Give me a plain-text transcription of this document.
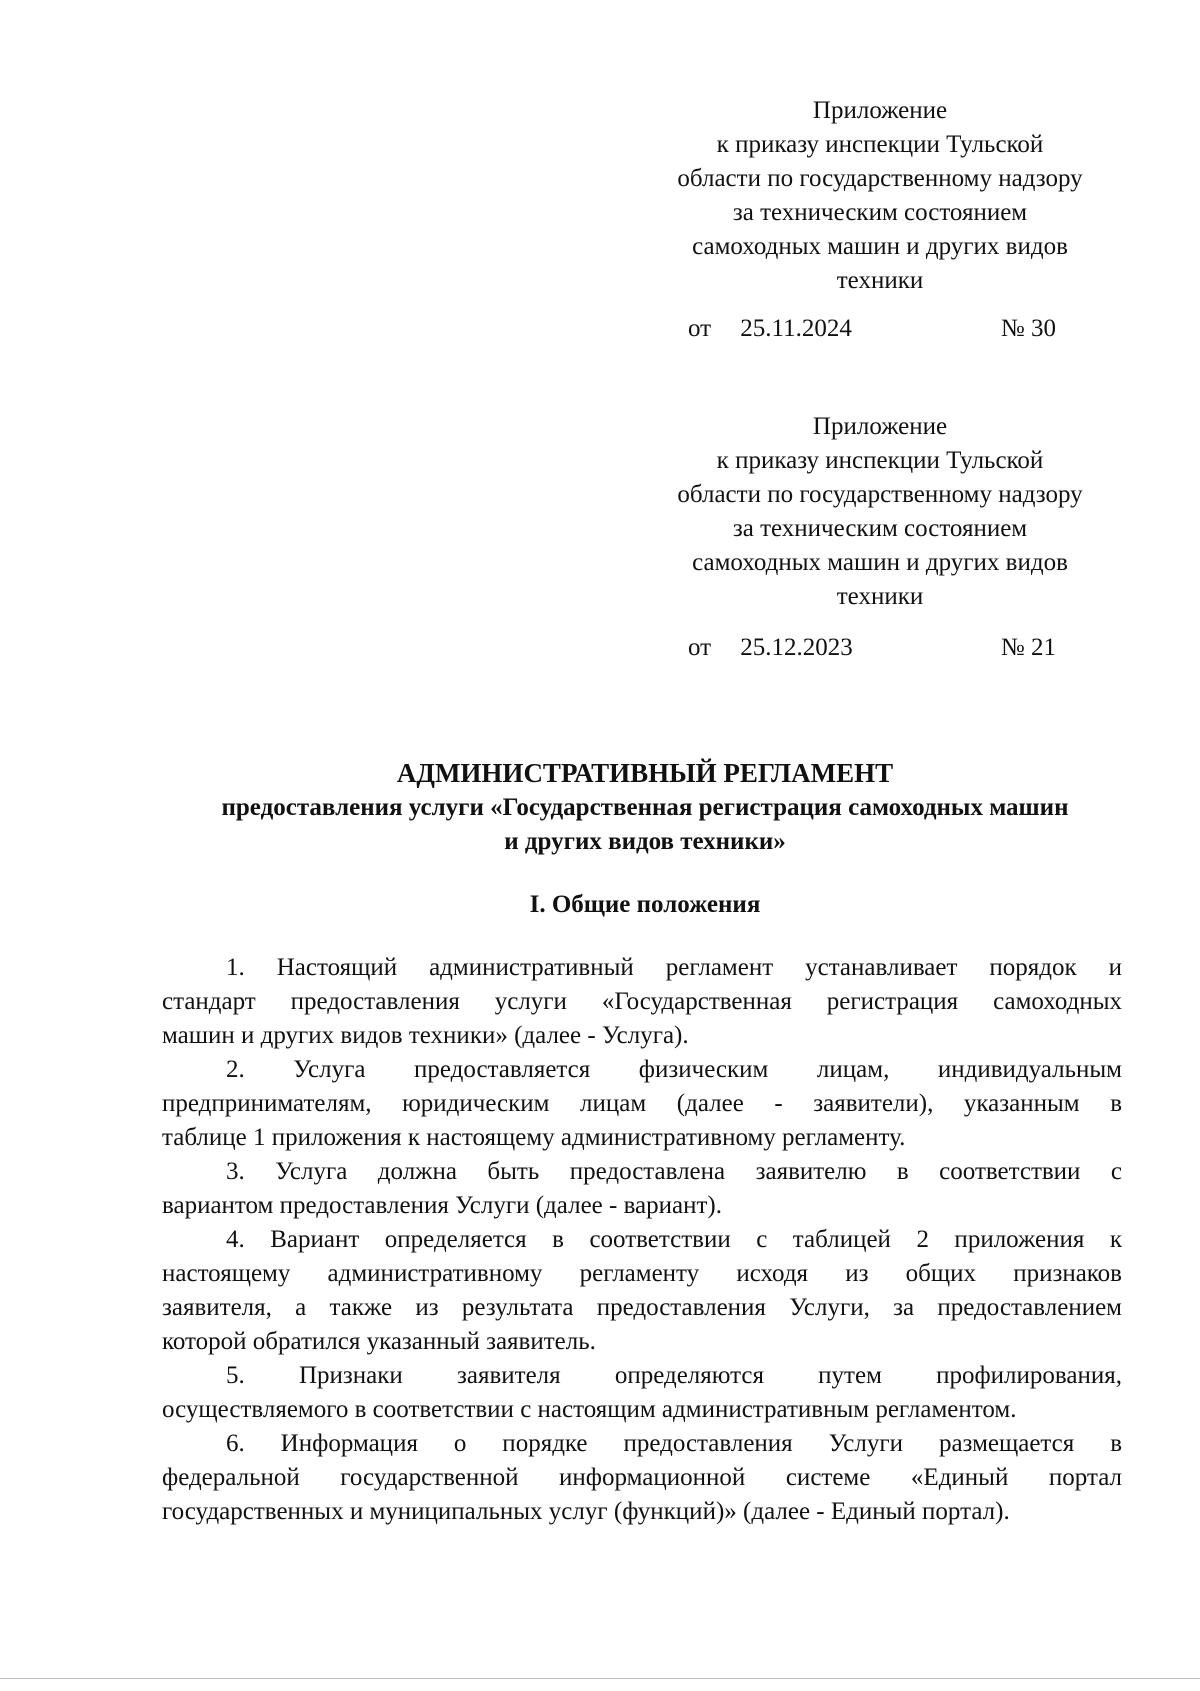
Приложение
к приказу инспекции Тульской
области по государственному надзору
за техническим состоянием
самоходных машин и других видов
техники
от 25.11.2024	№ 30
Приложение
к приказу инспекции Тульской
области по государственному надзору
за техническим состоянием
самоходных машин и других видов
техники
от 25.12.2023	№ 21
АДМИНИСТРАТИВНЫЙ РЕГЛАМЕНТ
предоставления услуги «Государственная регистрация самоходных машин
и других видов техники»
I. Общие положения

1. Настоящий административный регламент устанавливает порядок и
стандарт предоставления услуги «Государственная регистрация самоходных
машин и других видов техники» (далее - Услуга).

2. Услуга предоставляется физическим лицам, индивидуальным
предпринимателям, юридическим лицам (далее - заявители), указанным в
таблице 1 приложения к настоящему административному регламенту.

3. Услуга должна быть предоставлена заявителю в соответствии с
вариантом предоставления Услуги (далее - вариант).

4. Вариант определяется в соответствии с таблицей 2 приложения к
настоящему административному регламенту исходя из общих признаков
заявителя, а также из результата предоставления Услуги, за предоставлением
которой обратился указанный заявитель.

5. Признаки заявителя определяются путем профилирования,
осуществляемого в соответствии с настоящим административным регламентом.

6. Информация о порядке предоставления Услуги размещается в
федеральной государственной информационной системе «Единый портал
государственных и муниципальных услуг (функций)» (далее - Единый портал).
